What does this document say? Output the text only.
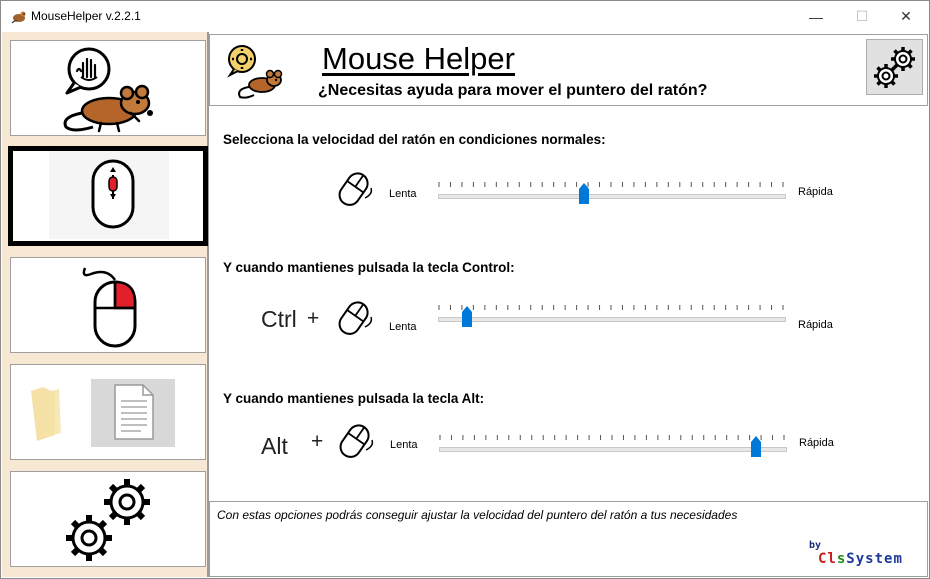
MouseHelper v.2.2.1	— ☐ ✕
Mouse Helper
¿Necesitas ayuda para mover el puntero del ratón?
Selecciona la velocidad del ratón en condiciones normales:
Lenta	Rápida
Y cuando mantienes pulsada la tecla Control:
Ctrl +	Lenta	Rápida
Y cuando mantienes pulsada la tecla Alt:
Alt +	Lenta	Rápida
Con estas opciones podrás conseguir ajustar la velocidad del puntero del ratón a tus necesidades
by
ClsSystem
